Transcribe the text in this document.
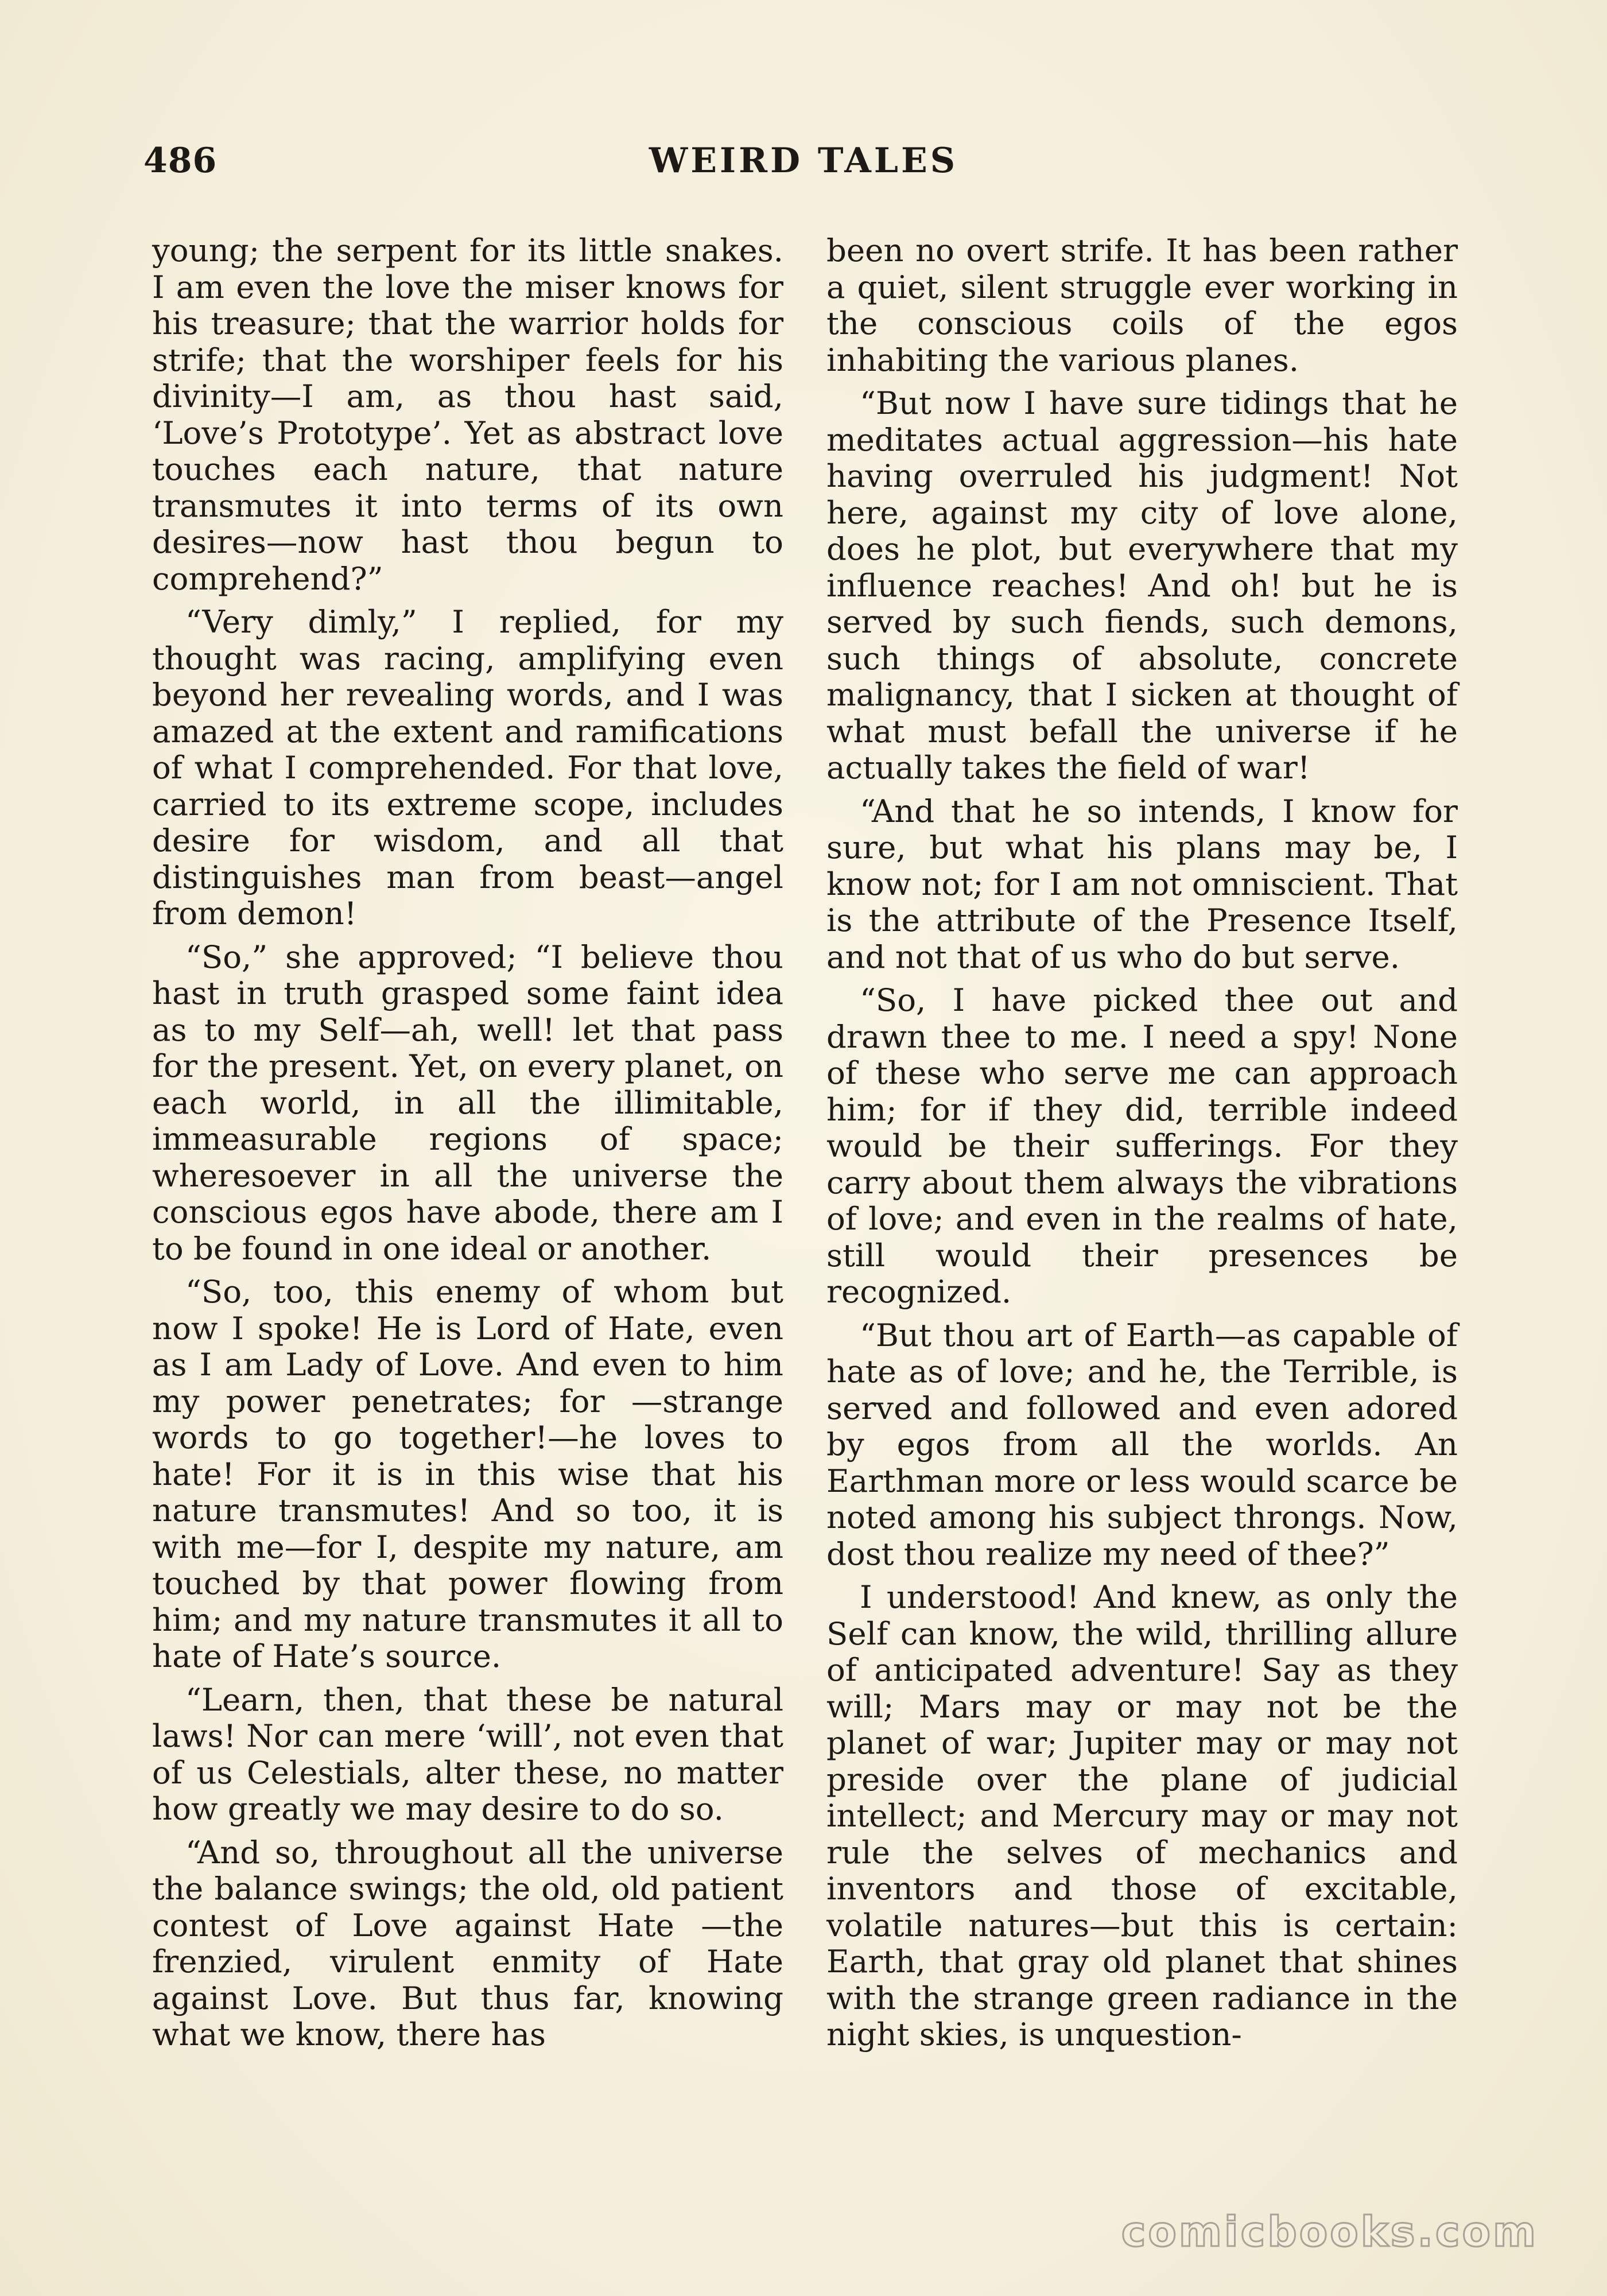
486	WEIRD TALES

young; the serpent for its little snakes. I am even the love the miser knows for his treasure; that the warrior holds for strife; that the worshiper feels for his divinity—I am, as thou hast said, ‘Love’s Prototype’. Yet as abstract love touches each nature, that nature transmutes it into terms of its own desires—now hast thou begun to comprehend?”

“Very dimly,” I replied, for my thought was racing, amplifying even beyond her revealing words, and I was amazed at the extent and ramifications of what I comprehended. For that love, carried to its extreme scope, includes desire for wisdom, and all that distinguishes man from beast—angel from demon!

“So,” she approved; “I believe thou hast in truth grasped some faint idea as to my Self—ah, well! let that pass for the present. Yet, on every planet, on each world, in all the illimitable, immeasurable regions of space; wheresoever in all the universe the conscious egos have abode, there am I to be found in one ideal or another.

“So, too, this enemy of whom but now I spoke! He is Lord of Hate, even as I am Lady of Love. And even to him my power penetrates; for —strange words to go together!—he loves to hate! For it is in this wise that his nature transmutes! And so too, it is with me—for I, despite my nature, am touched by that power flowing from him; and my nature transmutes it all to hate of Hate’s source.

“Learn, then, that these be natural laws! Nor can mere ‘will’, not even that of us Celestials, alter these, no matter how greatly we may desire to do so.

“And so, throughout all the universe the balance swings; the old, old patient contest of Love against Hate —the frenzied, virulent enmity of Hate against Love. But thus far, knowing what we know, there has

been no overt strife. It has been rather a quiet, silent struggle ever working in the conscious coils of the egos inhabiting the various planes.

“But now I have sure tidings that he meditates actual aggression—his hate having overruled his judgment! Not here, against my city of love alone, does he plot, but everywhere that my influence reaches! And oh! but he is served by such fiends, such demons, such things of absolute, concrete malignancy, that I sicken at thought of what must befall the universe if he actually takes the field of war!

“And that he so intends, I know for sure, but what his plans may be, I know not; for I am not omniscient. That is the attribute of the Presence Itself, and not that of us who do but serve.

“So, I have picked thee out and drawn thee to me. I need a spy! None of these who serve me can approach him; for if they did, terrible indeed would be their sufferings. For they carry about them always the vibrations of love; and even in the realms of hate, still would their presences be recognized.

“But thou art of Earth—as capable of hate as of love; and he, the Terrible, is served and followed and even adored by egos from all the worlds. An Earthman more or less would scarce be noted among his subject throngs. Now, dost thou realize my need of thee?”

I understood! And knew, as only the Self can know, the wild, thrilling allure of anticipated adventure! Say as they will; Mars may or may not be the planet of war; Jupiter may or may not preside over the plane of judicial intellect; and Mercury may or may not rule the selves of mechanics and inventors and those of excitable, volatile natures—but this is certain: Earth, that gray old planet that shines with the strange green radiance in the night skies, is unquestion-

comicbooks.com
